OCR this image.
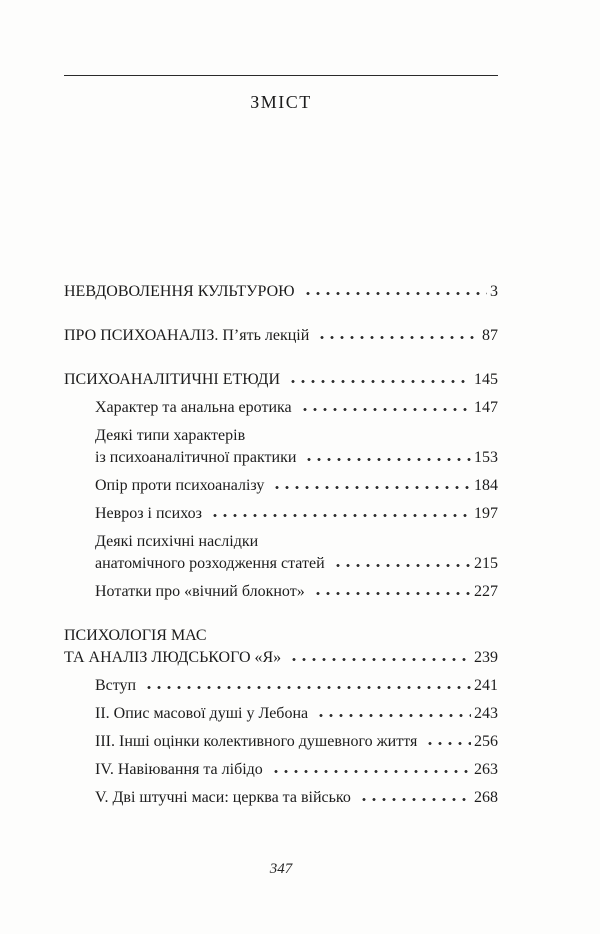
ЗМІСТ
НЕВДОВОЛЕННЯ КУЛЬТУРОЮ	3
ПРО ПСИХОАНАЛІЗ. П’ять лекцій	87
ПСИХОАНАЛІТИЧНІ ЕТЮДИ	145
Характер та анальна еротика	147
Деякі типи характерів
із психоаналітичної практики	153
Опір проти психоаналізу	184
Невроз і психоз	197
Деякі психічні наслідки
анатомічного розходження статей	215
Нотатки про «вічний блокнот»	227
ПСИХОЛОГІЯ МАС
ТА АНАЛІЗ ЛЮДСЬКОГО «Я»	239
Вступ	241
II. Опис масової душі у Лебона	243
III. Інші оцінки колективного душевного життя	256
IV. Навіювання та лібідо	263
V. Дві штучні маси: церква та військо	268
347
